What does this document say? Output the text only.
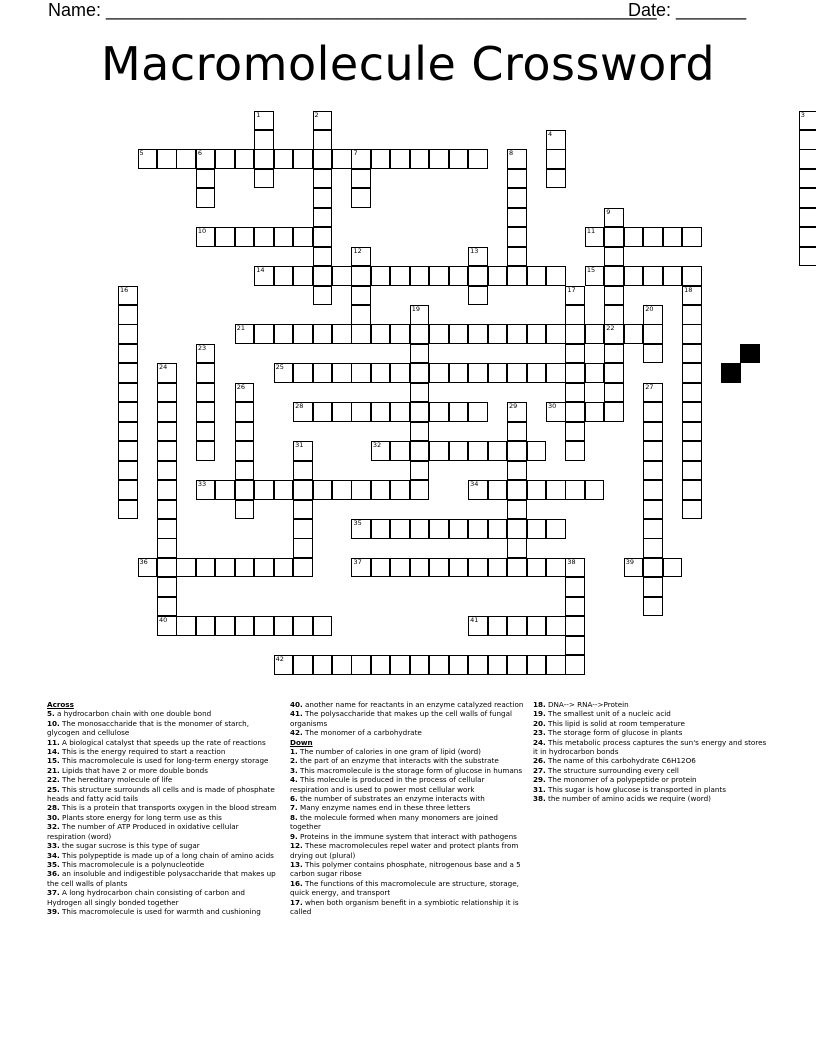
Name: _______________________________________________________
Date: _______
Macromolecule Crossword
1	2	3
4
5	6	7	8
9
22
10	11
12	13
14	15
16	17	18
19	20
21
23
24	25
26	27
28	29	30
31	32
33	34
35
36	37	38	39
40	41
42
Across
5. a hydrocarbon chain with one double bond
10. The monosaccharide that is the monomer of starch, glycogen and cellulose
11. A biological catalyst that speeds up the rate of reactions
14. This is the energy required to start a reaction
15. This macromolecule is used for long-term energy storage
21. Lipids that have 2 or more double bonds
22. The hereditary molecule of life
25. This structure surrounds all cells and is made of phosphate heads and fatty acid tails
28. This is a protein that transports oxygen in the blood stream
30. Plants store energy for long term use as this
32. The number of ATP Produced in oxidative cellular respiration (word)
33. the sugar sucrose is this type of sugar
34. This polypeptide is made up of a long chain of amino acids
35. This macromolecule is a polynucleotide
36. an insoluble and indigestible polysaccharide that makes up the cell walls of plants
37. A long hydrocarbon chain consisting of carbon and Hydrogen all singly bonded together
39. This macromolecule is used for warmth and cushioning
40. another name for reactants in an enzyme catalyzed reaction
41. The polysaccharide that makes up the cell walls of fungal organisms
42. The monomer of a carbohydrate
Down
1. The number of calories in one gram of lipid (word)
2. the part of an enzyme that interacts with the substrate
3. This macromolecule is the storage form of glucose in humans
4. This molecule is produced in the process of cellular respiration and is used to power most cellular work
6. the number of substrates an enzyme interacts with
7. Many enzyme names end in these three letters
8. the molecule formed when many monomers are joined together
9. Proteins in the immune system that interact with pathogens
12. These macromolecules repel water and protect plants from drying out (plural)
13. This polymer contains phosphate, nitrogenous base and a 5 carbon sugar ribose
16. The functions of this macromolecule are structure, storage, quick energy, and transport
17. when both organism benefit in a symbiotic relationship it is called
18. DNA--> RNA-->Protein
19. The smallest unit of a nucleic acid
20. This lipid is solid at room temperature
23. The storage form of glucose in plants
24. This metabolic process captures the sun's energy and stores it in hydrocarbon bonds
26. The name of this carbohydrate C6H12O6
27. The structure surrounding every cell
29. The monomer of a polypeptide or protein
31. This sugar is how glucose is transported in plants
38. the number of amino acids we require (word)
